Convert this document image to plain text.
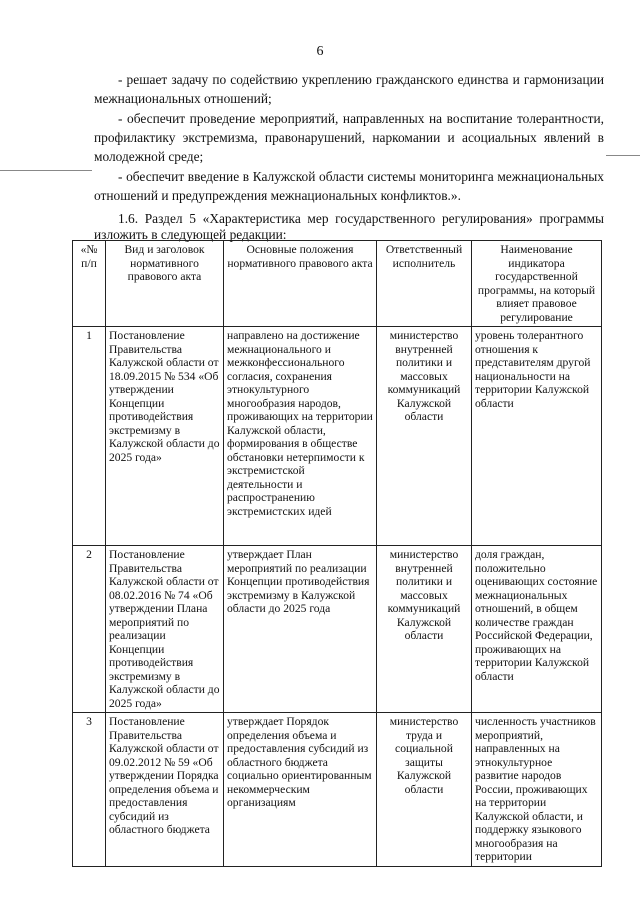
6

- решает задачу по содействию укреплению гражданского единства и гармонизации межнациональных отношений;

- обеспечит проведение мероприятий, направленных на воспитание толерантности, профилактику экстремизма, правонарушений, наркомании и асоциальных явлений в молодежной среде;

- обеспечит введение в Калужской области системы мониторинга межнациональных отношений и предупреждения межнациональных конфликтов.».

1.6. Раздел 5 «Характеристика мер государственного регулирования» программы изложить в следующей редакции:
«№
п/п	Вид и заголовок нормативного правового акта	Основные положения нормативного правового акта	Ответственный исполнитель	Наименование индикатора государственной программы, на который влияет правовое регулирование
1	Постановление Правительства Калужской области от 18.09.2015 № 534 «Об утверждении Концепции противодействия экстремизму в Калужской области до 2025 года»	направлено на достижение межнационального и межконфессионального согласия, сохранения этнокультурного многообразия народов, проживающих на территории Калужской области, формирования в обществе обстановки нетерпимости к экстремистской деятельности и распространению экстремистских идей	министерство внутренней политики и массовых коммуникаций Калужской области	уровень толерантного отношения к представителям другой национальности на территории Калужской области
2	Постановление Правительства Калужской области от 08.02.2016 № 74 «Об утверждении Плана мероприятий по реализации Концепции противодействия экстремизму в Калужской области до 2025 года»	утверждает План мероприятий по реализации Концепции противодействия экстремизму в Калужской области до 2025 года	министерство внутренней политики и массовых коммуникаций Калужской области	доля граждан, положительно оценивающих состояние межнациональных отношений, в общем количестве граждан Российской Федерации, проживающих на территории Калужской области
3	Постановление Правительства Калужской области от 09.02.2012 № 59 «Об утверждении Порядка определения объема и предоставления субсидий из областного бюджета	утверждает Порядок определения объема и предоставления субсидий из областного бюджета социально ориентированным некоммерческим организациям	министерство труда и социальной защиты Калужской области	численность участников мероприятий, направленных на этнокультурное развитие народов России, проживающих на территории Калужской области, и поддержку языкового многообразия на территории
